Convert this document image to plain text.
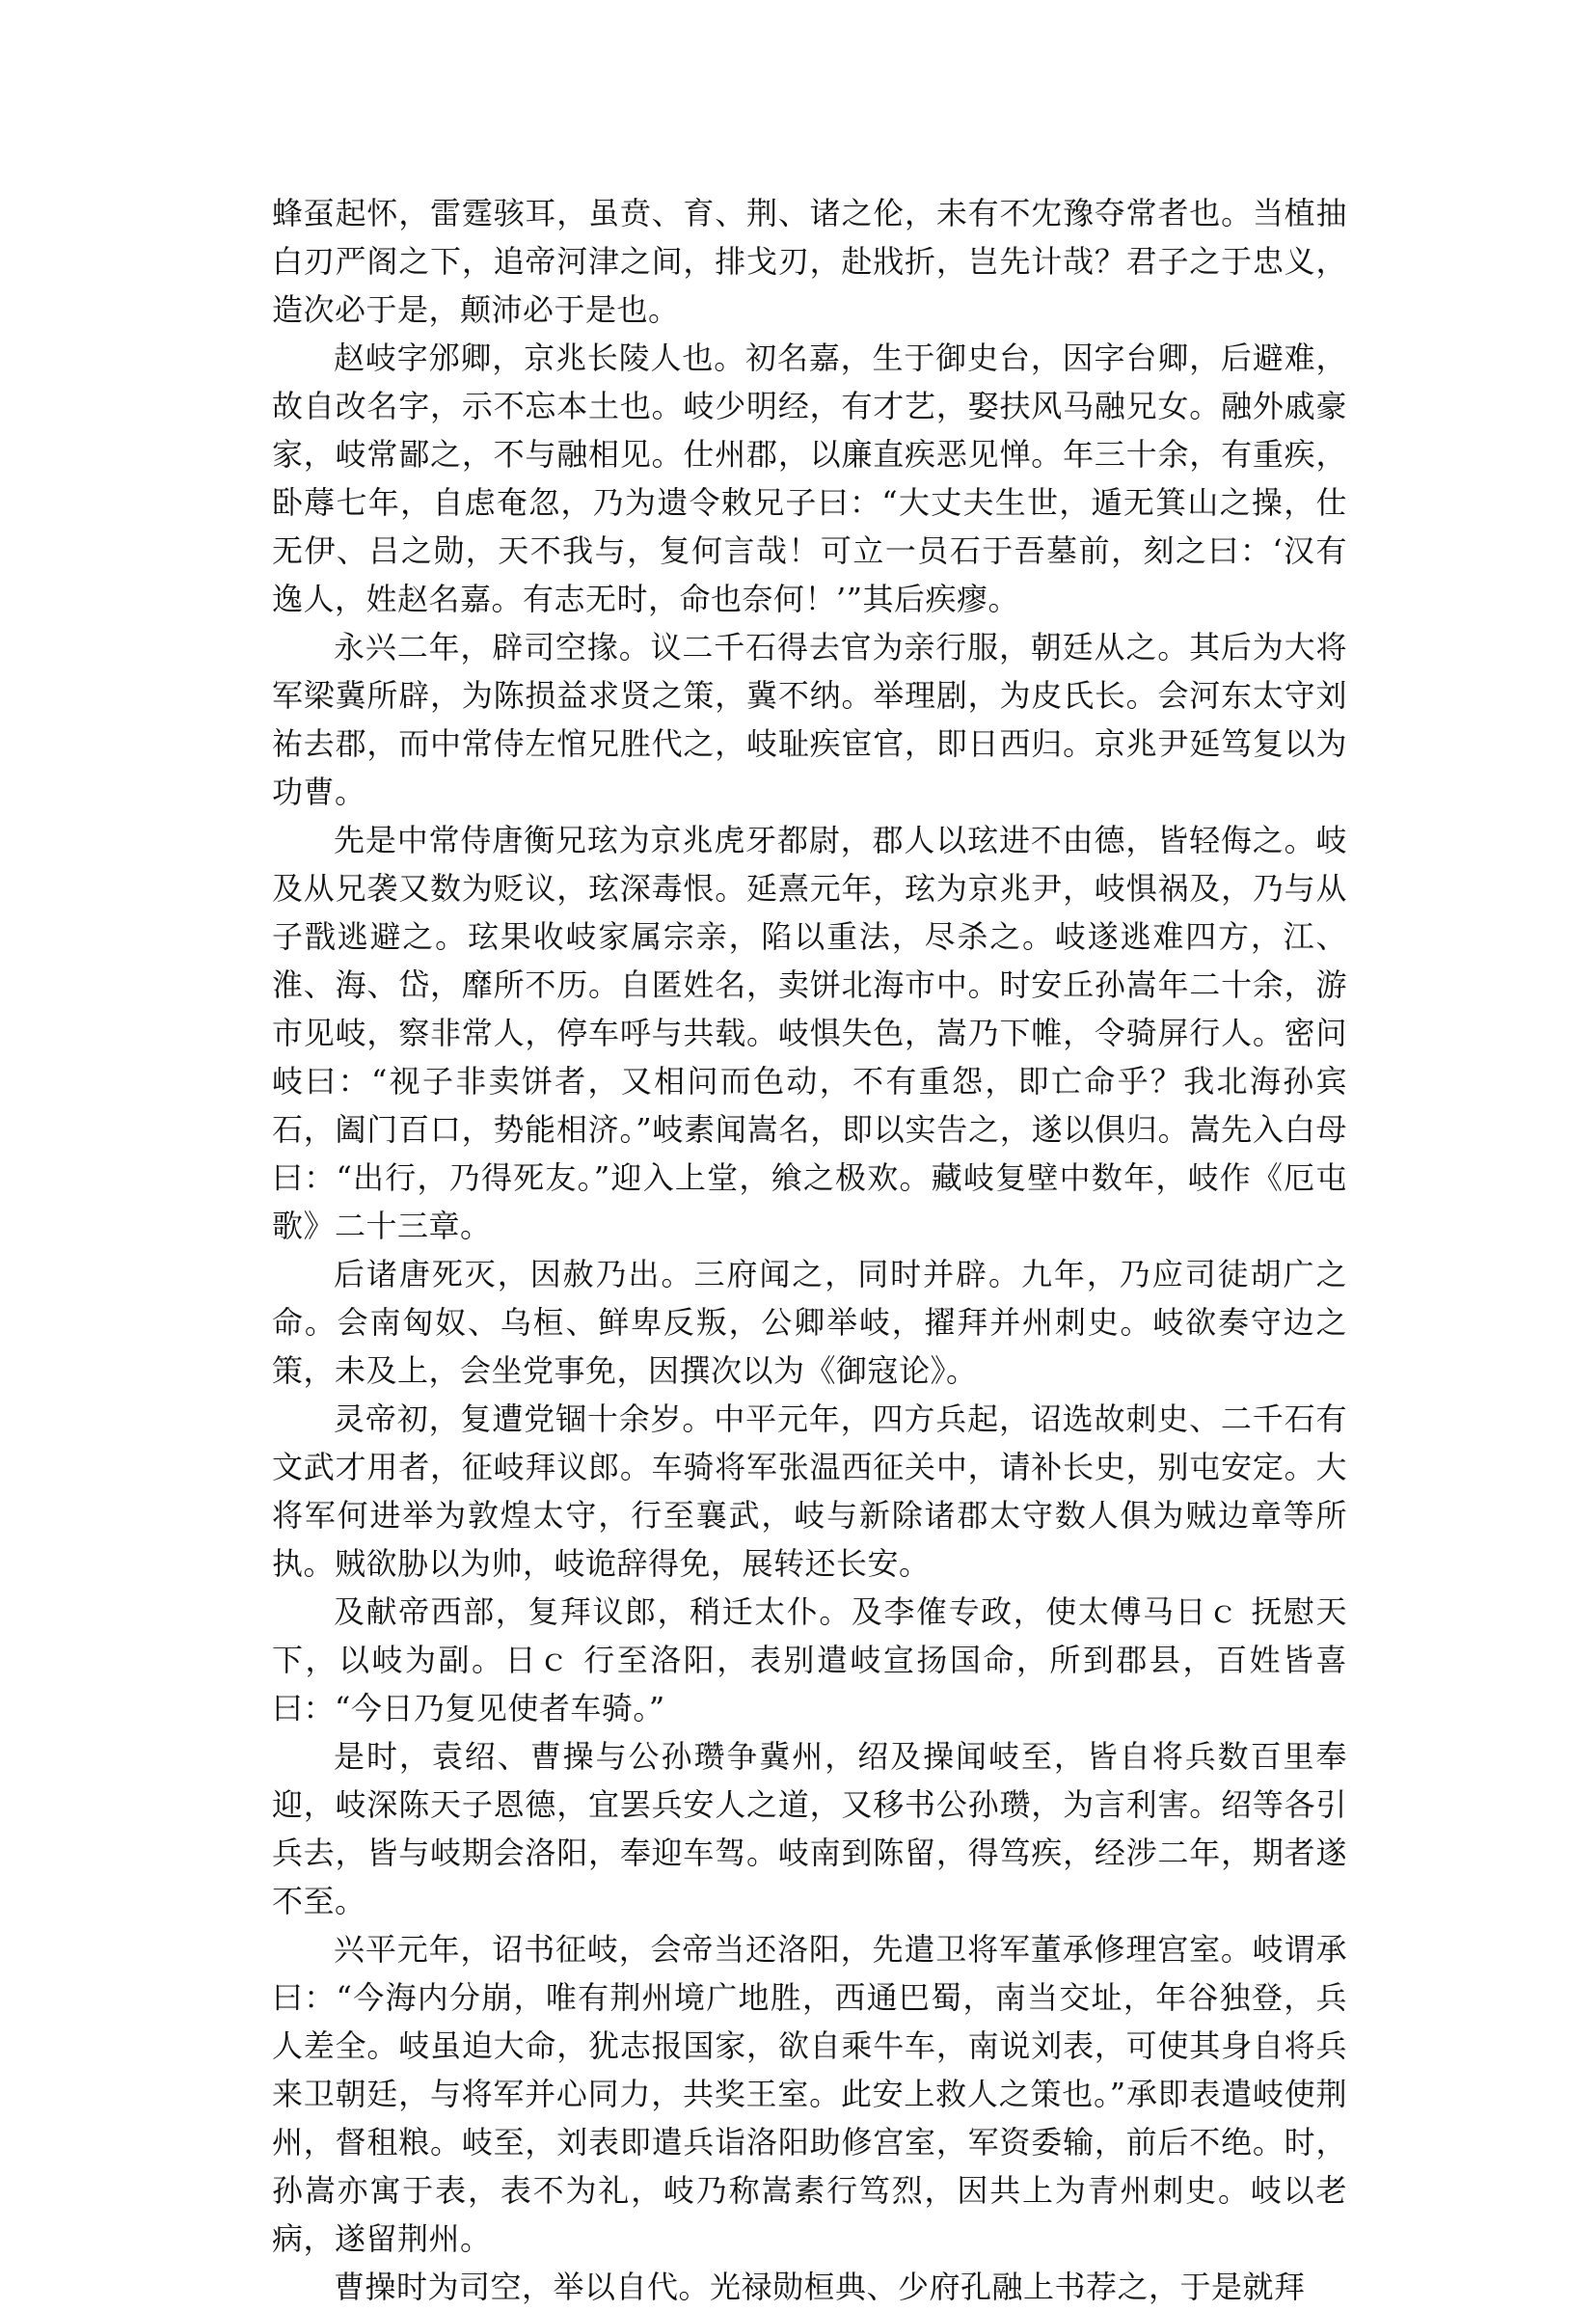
蜂虿起怀，雷霆骇耳，虽贲、育、荆、诸之伦，未有不冘豫夺常者也。当植抽白刃严阁之下，追帝河津之间，排戈刃，赴戕折，岂先计哉？君子之于忠义，造次必于是，颠沛必于是也。

赵岐字邠卿，京兆长陵人也。初名嘉，生于御史台，因字台卿，后避难，故自改名字，示不忘本土也。岐少明经，有才艺，娶扶风马融兄女。融外戚豪家，岐常鄙之，不与融相见。仕州郡，以廉直疾恶见惮。年三十余，有重疾，卧蓐七年，自虑奄忽，乃为遗令敕兄子曰：“大丈夫生世，遁无箕山之操，仕无伊、吕之勋，天不我与，复何言哉！可立一员石于吾墓前，刻之曰：‘汉有逸人，姓赵名嘉。有志无时，命也奈何！’”其后疾瘳。

永兴二年，辟司空掾。议二千石得去官为亲行服，朝廷从之。其后为大将军梁冀所辟，为陈损益求贤之策，冀不纳。举理剧，为皮氏长。会河东太守刘祐去郡，而中常侍左悺兄胜代之，岐耻疾宦官，即日西归。京兆尹延笃复以为功曹。

先是中常侍唐衡兄玹为京兆虎牙都尉，郡人以玹进不由德，皆轻侮之。岐及从兄袭又数为贬议，玹深毒恨。延熹元年，玹为京兆尹，岐惧祸及，乃与从子戬逃避之。玹果收岐家属宗亲，陷以重法，尽杀之。岐遂逃难四方，江、淮、海、岱，靡所不历。自匿姓名，卖饼北海市中。时安丘孙嵩年二十余，游市见岐，察非常人，停车呼与共载。岐惧失色，嵩乃下帷，令骑屏行人。密问岐曰：“视子非卖饼者，又相问而色动，不有重怨，即亡命乎？我北海孙宾石，阖门百口，势能相济。”岐素闻嵩名，即以实告之，遂以俱归。嵩先入白母曰：“出行，乃得死友。”迎入上堂，飨之极欢。藏岐复壁中数年，岐作《厄屯歌》二十三章。

后诸唐死灭，因赦乃出。三府闻之，同时并辟。九年，乃应司徒胡广之命。会南匈奴、乌桓、鲜卑反叛，公卿举岐，擢拜并州刺史。岐欲奏守边之策，未及上，会坐党事免，因撰次以为《御寇论》。

灵帝初，复遭党锢十余岁。中平元年，四方兵起，诏选故刺史、二千石有文武才用者，征岐拜议郎。车骑将军张温西征关中，请补长史，别屯安定。大将军何进举为敦煌太守，行至襄武，岐与新除诸郡太守数人俱为贼边章等所执。贼欲胁以为帅，岐诡辞得免，展转还长安。

及献帝西部，复拜议郎，稍迁太仆。及李傕专政，使太傅马日ｃ 抚慰天下，以岐为副。日ｃ 行至洛阳，表别遣岐宣扬国命，所到郡县，百姓皆喜曰：“今日乃复见使者车骑。”

是时，袁绍、曹操与公孙瓒争冀州，绍及操闻岐至，皆自将兵数百里奉迎，岐深陈天子恩德，宜罢兵安人之道，又移书公孙瓒，为言利害。绍等各引兵去，皆与岐期会洛阳，奉迎车驾。岐南到陈留，得笃疾，经涉二年，期者遂不至。

兴平元年，诏书征岐，会帝当还洛阳，先遣卫将军董承修理宫室。岐谓承曰：“今海内分崩，唯有荆州境广地胜，西通巴蜀，南当交址，年谷独登，兵人差全。岐虽迫大命，犹志报国家，欲自乘牛车，南说刘表，可使其身自将兵来卫朝廷，与将军并心同力，共奖王室。此安上救人之策也。”承即表遣岐使荆州，督租粮。岐至，刘表即遣兵诣洛阳助修宫室，军资委输，前后不绝。时，孙嵩亦寓于表，表不为礼，岐乃称嵩素行笃烈，因共上为青州刺史。岐以老病，遂留荆州。

曹操时为司空，举以自代。光禄勋桓典、少府孔融上书荐之，于是就拜
